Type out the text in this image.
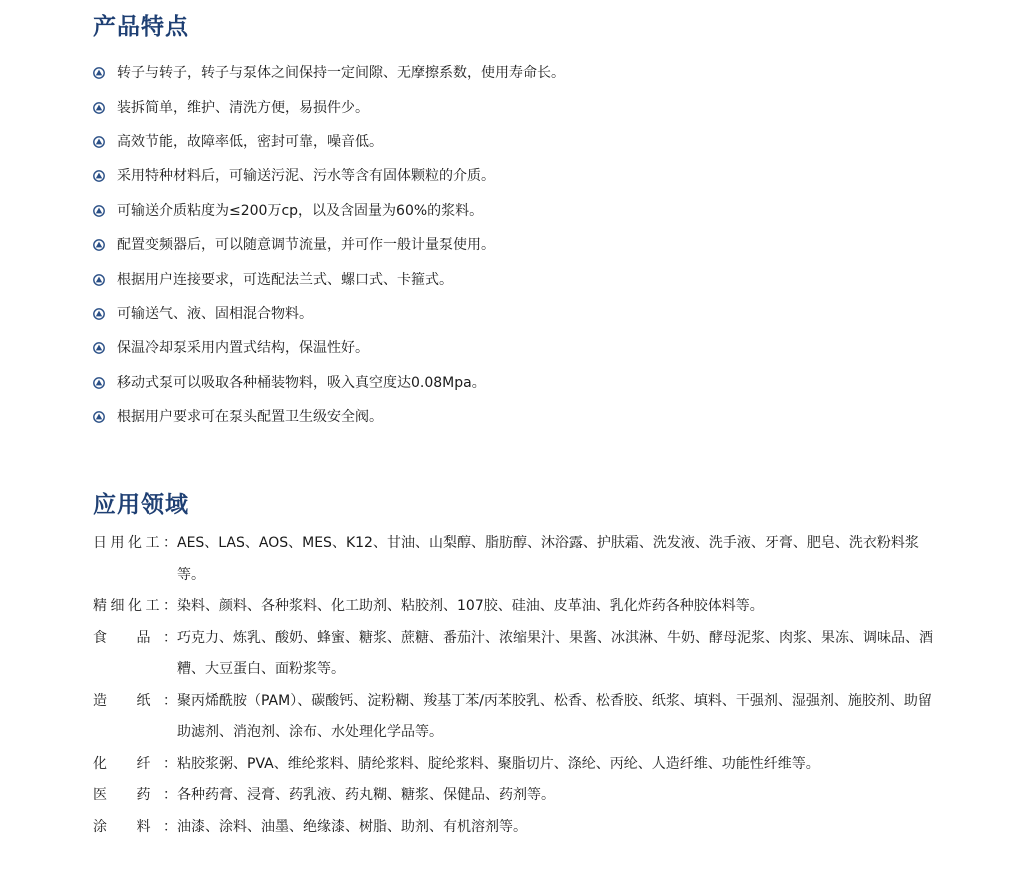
产品特点
转子与转子，转子与泵体之间保持一定间隙、无摩擦系数，使用寿命长。
装拆简单，维护、清洗方便，易损件少。
高效节能，故障率低，密封可靠，噪音低。
采用特种材料后，可输送污泥、污水等含有固体颗粒的介质。
可输送介质粘度为≤200万cp，以及含固量为60%的浆料。
配置变频器后，可以随意调节流量，并可作一般计量泵使用。
根据用户连接要求，可选配法兰式、螺口式、卡箍式。
可输送气、液、固相混合物料。
保温冷却泵采用内置式结构，保温性好。
移动式泵可以吸取各种桶装物料，吸入真空度达0.08Mpa。
根据用户要求可在泵头配置卫生级安全阀。
应用领域
日用化工： AES、LAS、AOS、MES、K12、甘油、山梨醇、脂肪醇、沐浴露、护肤霜、洗发液、洗手液、牙膏、肥皂、洗衣粉料浆等。
精细化工： 染料、颜料、各种浆料、化工助剂、粘胶剂、107胶、硅油、皮革油、乳化炸药各种胶体料等。
食 品： 巧克力、炼乳、酸奶、蜂蜜、糖浆、蔗糖、番茄汁、浓缩果汁、果酱、冰淇淋、牛奶、酵母泥浆、肉浆、果冻、调味品、酒糟、大豆蛋白、面粉浆等。
造 纸： 聚丙烯酰胺（PAM）、碳酸钙、淀粉糊、羧基丁苯/丙苯胶乳、松香、松香胶、纸浆、填料、干强剂、湿强剂、施胶剂、助留助滤剂、消泡剂、涂布、水处理化学品等。
化 纤： 粘胶浆粥、PVA、维纶浆料、腈纶浆料、腚纶浆料、聚脂切片、涤纶、丙纶、人造纤维、功能性纤维等。
医 药： 各种药膏、浸膏、药乳液、药丸糊、糖浆、保健品、药剂等。
涂 料： 油漆、涂料、油墨、绝缘漆、树脂、助剂、有机溶剂等。
